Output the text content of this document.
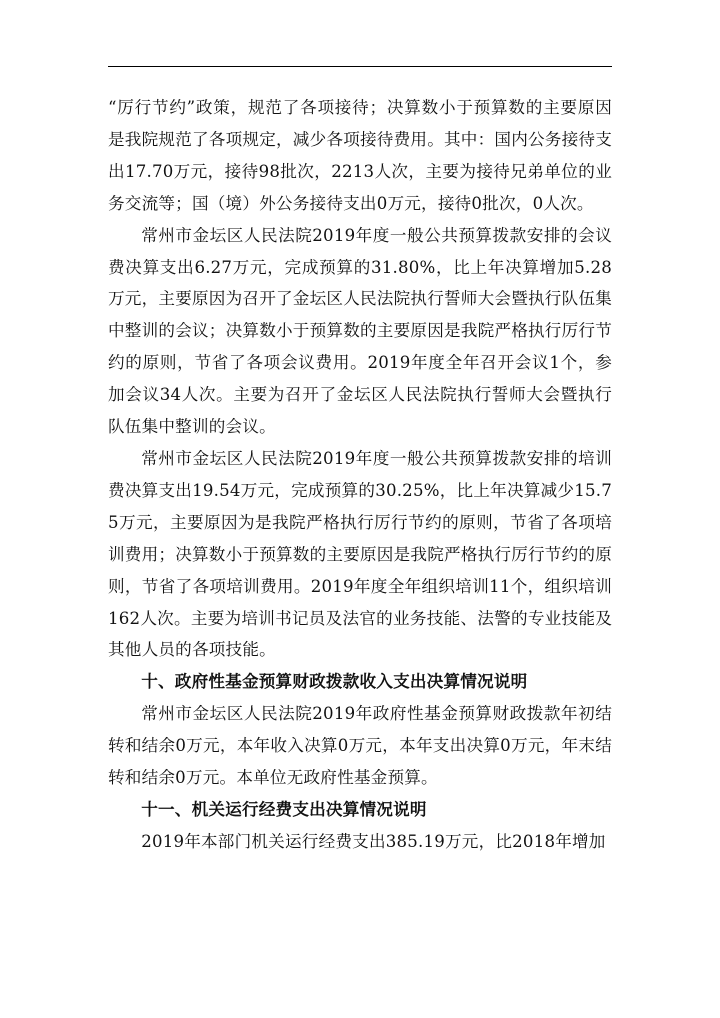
“厉行节约”政策，规范了各项接待；决算数小于预算数的主要原因是我院规范了各项规定，减少各项接待费用。其中：国内公务接待支出17.70万元，接待98批次，2213人次，主要为接待兄弟单位的业务交流等；国（境）外公务接待支出0万元，接待0批次，0人次。

常州市金坛区人民法院2019年度一般公共预算拨款安排的会议费决算支出6.27万元，完成预算的31.80%，比上年决算增加5.28万元，主要原因为召开了金坛区人民法院执行誓师大会暨执行队伍集中整训的会议；决算数小于预算数的主要原因是我院严格执行厉行节约的原则，节省了各项会议费用。2019年度全年召开会议1个，参加会议34人次。主要为召开了金坛区人民法院执行誓师大会暨执行队伍集中整训的会议。

常州市金坛区人民法院2019年度一般公共预算拨款安排的培训费决算支出19.54万元，完成预算的30.25%，比上年决算减少15.75万元，主要原因为是我院严格执行厉行节约的原则，节省了各项培训费用；决算数小于预算数的主要原因是我院严格执行厉行节约的原则，节省了各项培训费用。2019年度全年组织培训11个，组织培训162人次。主要为培训书记员及法官的业务技能、法警的专业技能及其他人员的各项技能。

十、政府性基金预算财政拨款收入支出决算情况说明

常州市金坛区人民法院2019年政府性基金预算财政拨款年初结转和结余0万元，本年收入决算0万元，本年支出决算0万元，年末结转和结余0万元。本单位无政府性基金预算。

十一、机关运行经费支出决算情况说明

2019年本部门机关运行经费支出385.19万元，比2018年增加
